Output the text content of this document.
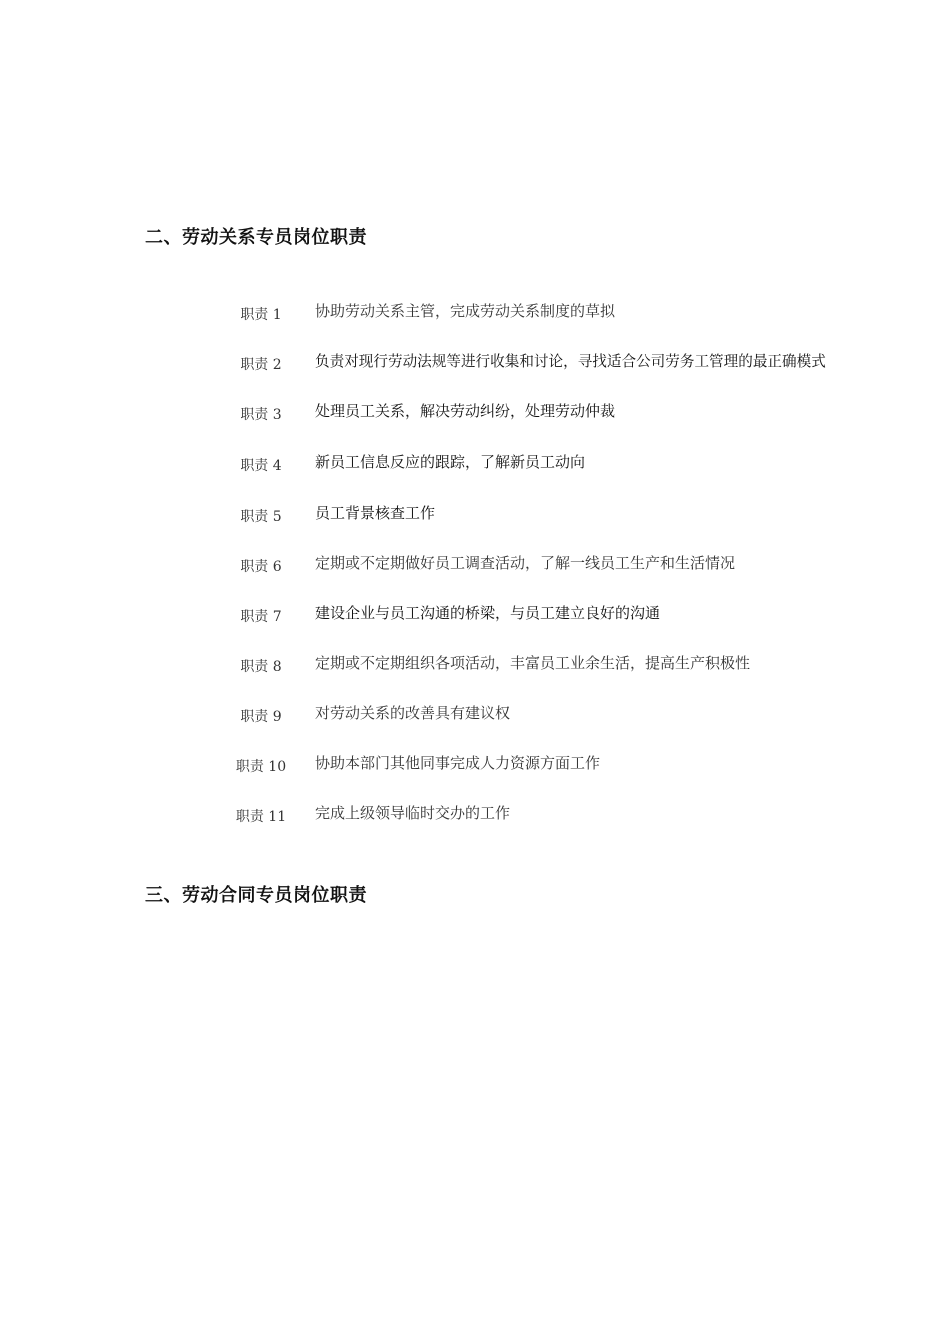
二、劳动关系专员岗位职责
职责 1	协助劳动关系主管，完成劳动关系制度的草拟
职责 2	负责对现行劳动法规等进行收集和讨论，寻找适合公司劳务工管理的最正确模式
职责 3	处理员工关系，解决劳动纠纷，处理劳动仲裁
职责 4	新员工信息反应的跟踪，了解新员工动向
职责 5	员工背景核查工作
职责 6	定期或不定期做好员工调查活动，了解一线员工生产和生活情况
职责 7	建设企业与员工沟通的桥梁，与员工建立良好的沟通
职责 8	定期或不定期组织各项活动，丰富员工业余生活，提高生产积极性
职责 9	对劳动关系的改善具有建议权
职责 10	协助本部门其他同事完成人力资源方面工作
职责 11	完成上级领导临时交办的工作
三、劳动合同专员岗位职责
